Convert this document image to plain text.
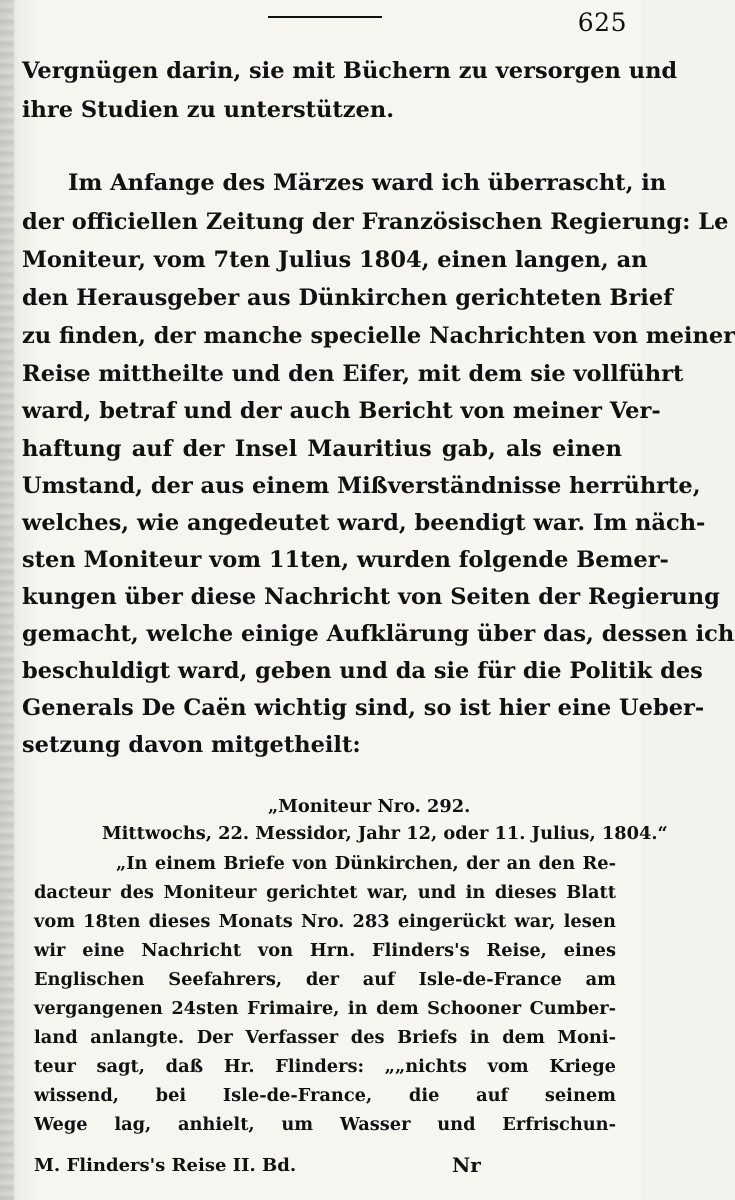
625
Vergnügen darin, sie mit Büchern zu versorgen und
ihre Studien zu unterstützen.
Im Anfange des Märzes ward ich überrascht, in
der officiellen Zeitung der Französischen Regierung: Le
Moniteur, vom 7ten Julius 1804, einen langen, an
den Herausgeber aus Dünkirchen gerichteten Brief
zu finden, der manche specielle Nachrichten von meiner
Reise mittheilte und den Eifer, mit dem sie vollführt
ward, betraf und der auch Bericht von meiner Ver-
haftung auf der Insel Mauritius gab, als einen
Umstand, der aus einem Mißverständnisse herrührte,
welches, wie angedeutet ward, beendigt war. Im näch-
sten Moniteur vom 11ten, wurden folgende Bemer-
kungen über diese Nachricht von Seiten der Regierung
gemacht, welche einige Aufklärung über das, dessen ich
beschuldigt ward, geben und da sie für die Politik des
Generals De Caën wichtig sind, so ist hier eine Ueber-
setzung davon mitgetheilt:
„Moniteur Nro. 292.
Mittwochs, 22. Messidor, Jahr 12, oder 11. Julius, 1804.“
„In einem Briefe von Dünkirchen, der an den Re-
dacteur des Moniteur gerichtet war, und in dieses Blatt
vom 18ten dieses Monats Nro. 283 eingerückt war, lesen
wir eine Nachricht von Hrn. Flinders's Reise, eines
Englischen Seefahrers, der auf Isle-de-France am
vergangenen 24sten Frimaire, in dem Schooner Cumber-
land anlangte. Der Verfasser des Briefs in dem Moni-
teur sagt, daß Hr. Flinders: „„nichts vom Kriege
wissend, bei Isle-de-France, die auf seinem
Wege lag, anhielt, um Wasser und Erfrischun-
M. Flinders's Reise II. Bd.	Nr
